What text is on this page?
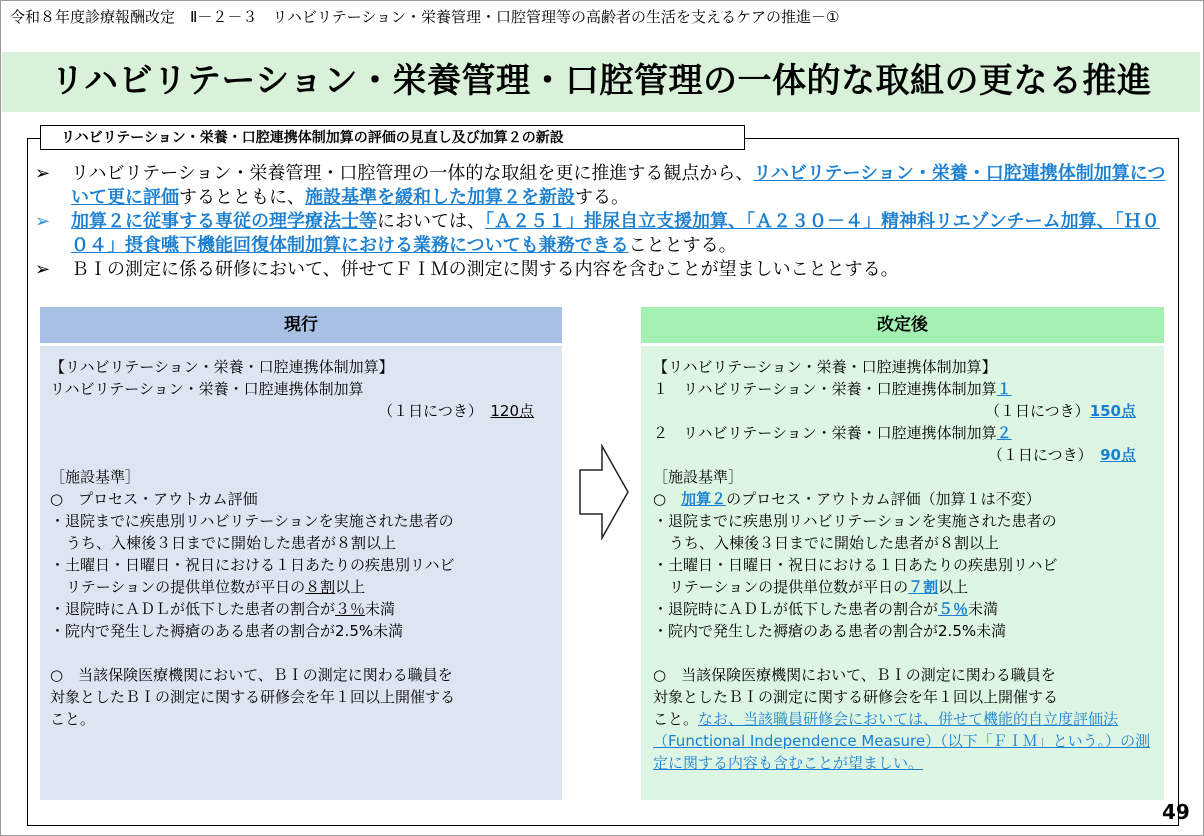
令和８年度診療報酬改定　Ⅱ－２－３　リハビリテーション・栄養管理・口腔管理等の高齢者の生活を支えるケアの推進－①
リハビリテーション・栄養管理・口腔管理の一体的な取組の更なる推進
リハビリテーション・栄養・口腔連携体制加算の評価の見直し及び加算２の新設
➢	リハビリテーション・栄養管理・口腔管理の一体的な取組を更に推進する観点から、リハビリテーション・栄養・口腔連携体制加算について更に評価するとともに、施設基準を緩和した加算２を新設する。
➢	加算２に従事する専従の理学療法士等においては、「Ａ２５１」排尿自立支援加算、「Ａ２３０－４」精神科リエゾンチーム加算、「Ｈ００４」摂食嚥下機能回復体制加算における業務についても兼務できることとする。
➢	ＢＩの測定に係る研修において、併せてＦＩＭの測定に関する内容を含むことが望ましいこととする。
現行	改定後

【リハビリテーション・栄養・口腔連携体制加算】

リハビリテーション・栄養・口腔連携体制加算

（１日につき）　 120点

［施設基準］

○　プロセス・アウトカム評価

・退院までに疾患別リハビリテーションを実施された患者の

うち、入棟後３日までに開始した患者が８割以上

・土曜日・日曜日・祝日における１日あたりの疾患別リハビ

リテーションの提供単位数が平日の８割以上

・退院時にＡＤＬが低下した患者の割合が３％未満

・院内で発生した褥瘡のある患者の割合が2.5%未満

○　当該保険医療機関において、ＢＩの測定に関わる職員を

対象としたＢＩの測定に関する研修会を年１回以上開催する

こと。

【リハビリテーション・栄養・口腔連携体制加算】

１　リハビリテーション・栄養・口腔連携体制加算１

（１日につき）150点

２　リハビリテーション・栄養・口腔連携体制加算２

（１日につき）　90点

［施設基準］

○　加算２のプロセス・アウトカム評価（加算１は不変）

・退院までに疾患別リハビリテーションを実施された患者の

うち、入棟後３日までに開始した患者が８割以上

・土曜日・日曜日・祝日における１日あたりの疾患別リハビ

リテーションの提供単位数が平日の７割以上

・退院時にＡＤＬが低下した患者の割合が５％未満

・院内で発生した褥瘡のある患者の割合が2.5%未満

○　当該保険医療機関において、ＢＩの測定に関わる職員を

対象としたＢＩの測定に関する研修会を年１回以上開催する

こと。なお、当該職員研修会においては、併せて機能的自立度評価法（Functional Independence Measure）（以下「ＦＩＭ」という。）の測定に関する内容も含むことが望ましい。

49
